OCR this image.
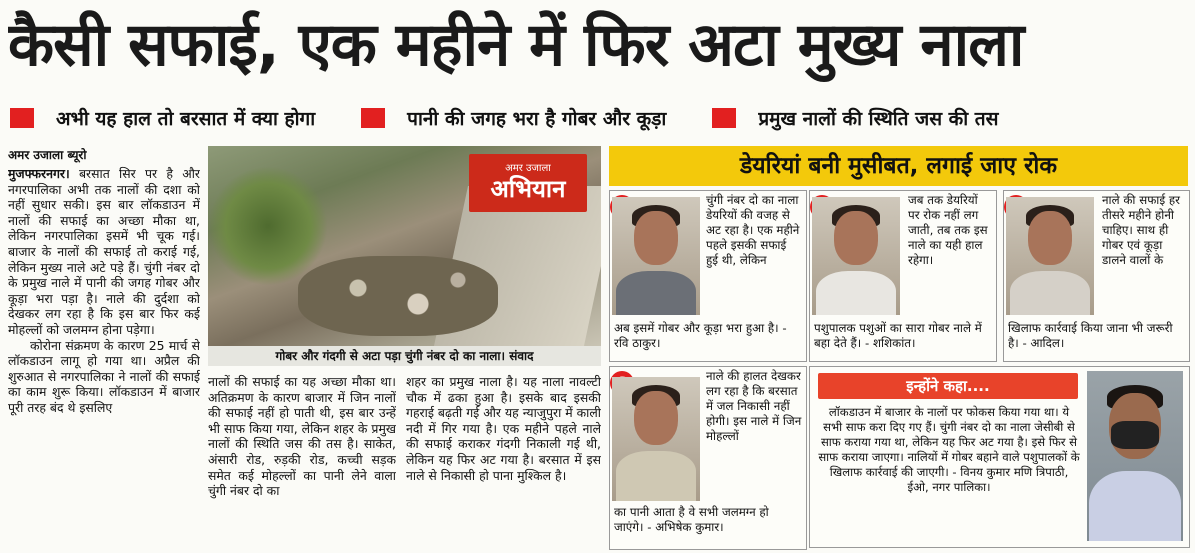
कैसी सफाई, एक महीने में फिर अटा मुख्य नाला
अभी यह हाल तो बरसात में क्या होगा	पानी की जगह भरा है गोबर और कूड़ा	प्रमुख नालों की स्थिति जस की तस
अमर उजाला ब्यूरो

मुजफ्फरनगर। बरसात सिर पर है और नगरपालिका अभी तक नालों की दशा को नहीं सुधार सकी। इस बार लॉकडाउन में नालों की सफाई का अच्छा मौका था, लेकिन नगरपालिका इसमें भी चूक गई। बाजार के नालों की सफाई तो कराई गई, लेकिन मुख्य नाले अटे पड़े हैं। चुंगी नंबर दो के प्रमुख नाले में पानी की जगह गोबर और कूड़ा भरा पड़ा है। नाले की दुर्दशा को देखकर लग रहा है कि इस बार फिर कई मोहल्लों को जलमग्न होना पड़ेगा।

कोरोना संक्रमण के कारण 25 मार्च से लॉकडाउन लागू हो गया था। अप्रैल की शुरुआत से नगरपालिका ने नालों की सफाई का काम शुरू किया। लॉकडाउन में बाजार पूरी तरह बंद थे इसलिए

अमर उजाला
अभियान
गोबर और गंदगी से अटा पड़ा चुंगी नंबर दो का नाला। संवाद
नालों की सफाई का यह अच्छा मौका था। अतिक्रमण के कारण बाजार में जिन नालों की सफाई नहीं हो पाती थी, इस बार उन्हें भी साफ किया गया, लेकिन शहर के प्रमुख नालों की स्थिति जस की तस है। साकेत, अंसारी रोड, रुड़की रोड, कच्ची सड़क समेत कई मोहल्लों का पानी लेने वाला चुंगी नंबर दो का
शहर का प्रमुख नाला है। यह नाला नावल्टी चौक में ढका हुआ है। इसके बाद इसकी गहराई बढ़ती गई और यह न्याजुपुरा में काली नदी में गिर गया है। एक महीने पहले नाले की सफाई कराकर गंदगी निकाली गई थी, लेकिन यह फिर अट गया है। बरसात में इस नाले से निकासी हो पाना मुश्किल है।
डेयरियां बनी मुसीबत, लगाई जाए रोक
चुंगी नंबर दो का नाला डेयरियों की वजह से अट रहा है। एक महीने पहले इसकी सफाई हुई थी, लेकिन
अब इसमें गोबर और कूड़ा भरा हुआ है। - रवि ठाकुर।
जब तक डेयरियों पर रोक नहीं लग जाती, तब तक इस नाले का यही हाल रहेगा।
पशुपालक पशुओं का सारा गोबर नाले में बहा देते हैं। - शशिकांत।
नाले की सफाई हर तीसरे महीने होनी चाहिए। साथ ही गोबर एवं कूड़ा डालने वालों के
खिलाफ कार्रवाई किया जाना भी जरूरी है। - आदिल।
नाले की हालत देखकर लग रहा है कि बरसात में जल निकासी नहीं होगी। इस नाले में जिन मोहल्लों
का पानी आता है वे सभी जलमग्न हो जाएंगे। - अभिषेक कुमार।
इन्होंने कहा....
लॉकडाउन में बाजार के नालों पर फोकस किया गया था। ये सभी साफ करा दिए गए हैं। चुंगी नंबर दो का नाला जेसीबी से साफ कराया गया था, लेकिन यह फिर अट गया है। इसे फिर से साफ कराया जाएगा। नालियों में गोबर बहाने वाले पशुपालकों के खिलाफ कार्रवाई की जाएगी। - विनय कुमार मणि त्रिपाठी, ईओ, नगर पालिका।
